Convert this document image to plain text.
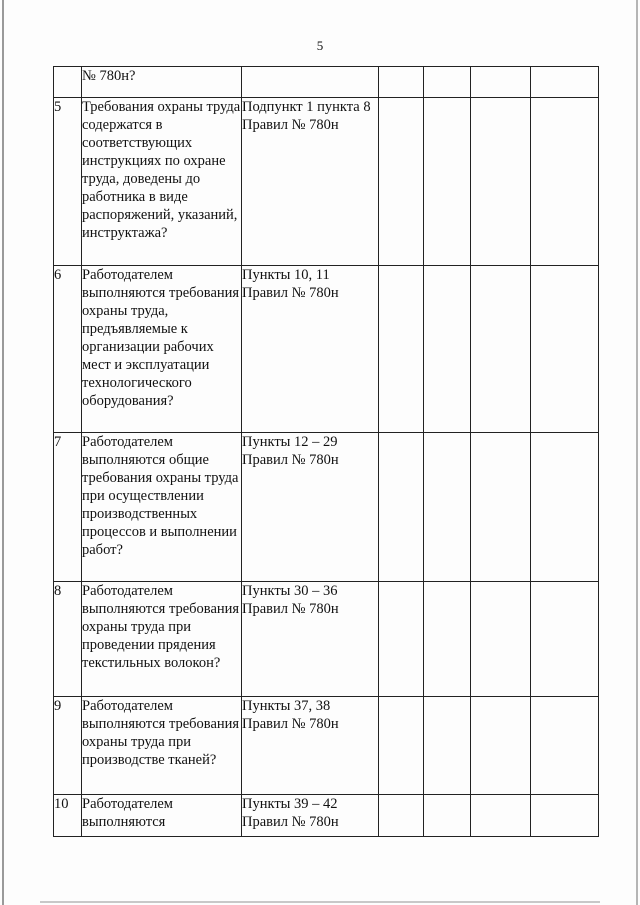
5
	№ 780н?					
5	Требования охраны труда содержатся в соответствующих инструкциях по охране труда, доведены до работника в виде распоряжений, указаний, инструктажа?	Подпункт 1 пункта 8 Правил № 780н				
6	Работодателем выполняются требования охраны труда, предъявляемые к организации рабочих мест и эксплуатации технологического оборудования?	Пункты 10, 11 Правил № 780н				
7	Работодателем выполняются общие требования охраны труда при осуществлении производственных процессов и выполнении работ?	Пункты 12 – 29 Правил № 780н				
8	Работодателем выполняются требования охраны труда при проведении прядения текстильных волокон?	Пункты 30 – 36 Правил № 780н				
9	Работодателем выполняются требования охраны труда при производстве тканей?	Пункты 37, 38 Правил № 780н				
10	Работодателем выполняются	Пункты 39 – 42 Правил № 780н				
